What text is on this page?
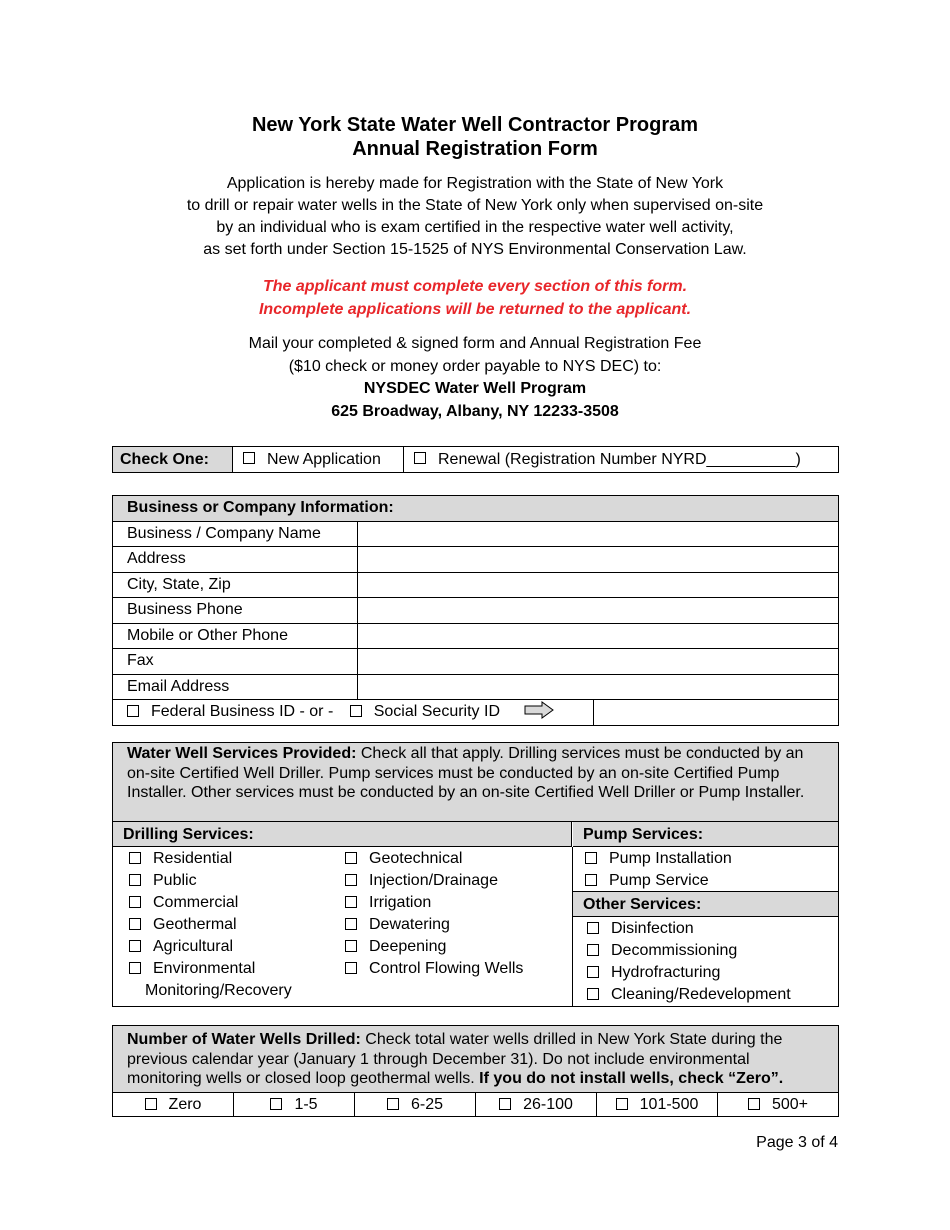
New York State Water Well Contractor Program
Annual Registration Form
Application is hereby made for Registration with the State of New York
to drill or repair water wells in the State of New York only when supervised on-site
by an individual who is exam certified in the respective water well activity,
as set forth under Section 15-1525 of NYS Environmental Conservation Law.
The applicant must complete every section of this form.
Incomplete applications will be returned to the applicant.
Mail your completed & signed form and Annual Registration Fee
($10 check or money order payable to NYS DEC) to:
NYSDEC Water Well Program
625 Broadway, Albany, NY 12233-3508
Check One:	New Application	Renewal (Registration Number NYRD__________)
Business or Company Information:		
Business / Company Name		
Address		
City, State, Zip		
Business Phone		
Mobile or Other Phone		
Fax		
Email Address		
Federal Business ID - or - Social Security ID		

Water Well Services Provided: Check all that apply. Drilling services must be conducted by an on-site Certified Well Driller. Pump services must be conducted by an on-site Certified Pump Installer. Other services must be conducted by an on-site Certified Well Driller or Pump Installer.

Drilling Services:	Pump Services:
Residential
Public
Commercial
Geothermal
Agricultural
Environmental
Monitoring/Recovery
Geotechnical
Injection/Drainage
Irrigation
Dewatering
Deepening
Control Flowing Wells
Pump Installation
Pump Service
Other Services:
Disinfection
Decommissioning
Hydrofracturing
Cleaning/Redevelopment

Number of Water Wells Drilled: Check total water wells drilled in New York State during the previous calendar year (January 1 through December 31). Do not include environmental monitoring wells or closed loop geothermal wells. If you do not install wells, check “Zero”.

Zero	1-5	6-25	26-100	101-500	500+
Page 3 of 4
